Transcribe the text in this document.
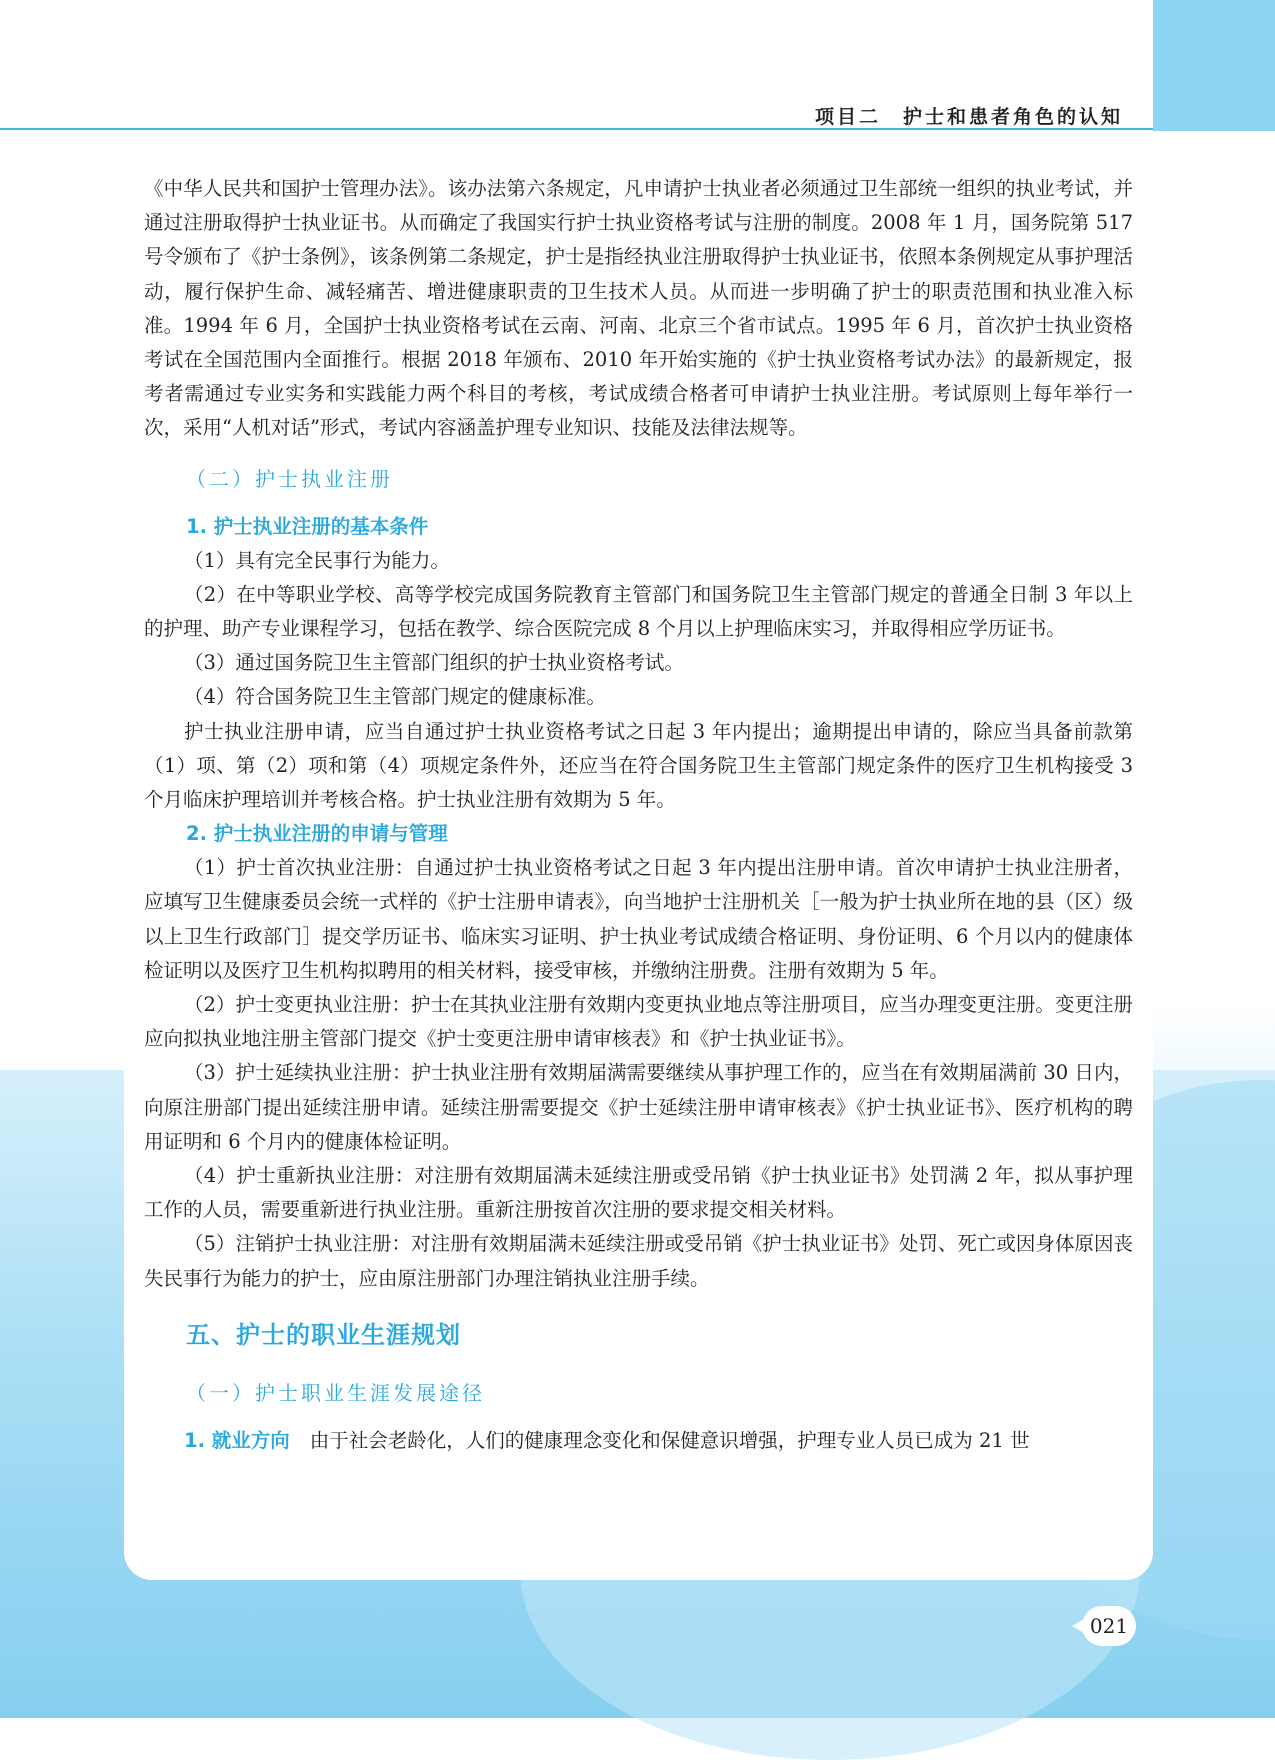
项目二　护士和患者角色的认知

《中华人民共和国护士管理办法》。该办法第六条规定，凡申请护士执业者必须通过卫生部统一组织的执业考试，并通过注册取得护士执业证书。从而确定了我国实行护士执业资格考试与注册的制度。2008 年 1 月，国务院第 517 号令颁布了《护士条例》，该条例第二条规定，护士是指经执业注册取得护士执业证书，依照本条例规定从事护理活动，履行保护生命、减轻痛苦、增进健康职责的卫生技术人员。从而进一步明确了护士的职责范围和执业准入标准。1994 年 6 月，全国护士执业资格考试在云南、河南、北京三个省市试点。1995 年 6 月，首次护士执业资格考试在全国范围内全面推行。根据 2018 年颁布、2010 年开始实施的《护士执业资格考试办法》的最新规定，报考者需通过专业实务和实践能力两个科目的考核，考试成绩合格者可申请护士执业注册。考试原则上每年举行一次，采用“人机对话”形式，考试内容涵盖护理专业知识、技能及法律法规等。

（二）护士执业注册

1. 护士执业注册的基本条件

（1）具有完全民事行为能力。

（2）在中等职业学校、高等学校完成国务院教育主管部门和国务院卫生主管部门规定的普通全日制 3 年以上的护理、助产专业课程学习，包括在教学、综合医院完成 8 个月以上护理临床实习，并取得相应学历证书。

（3）通过国务院卫生主管部门组织的护士执业资格考试。

（4）符合国务院卫生主管部门规定的健康标准。

护士执业注册申请，应当自通过护士执业资格考试之日起 3 年内提出；逾期提出申请的，除应当具备前款第（1）项、第（2）项和第（4）项规定条件外，还应当在符合国务院卫生主管部门规定条件的医疗卫生机构接受 3 个月临床护理培训并考核合格。护士执业注册有效期为 5 年。

2. 护士执业注册的申请与管理

（1）护士首次执业注册：自通过护士执业资格考试之日起 3 年内提出注册申请。首次申请护士执业注册者，应填写卫生健康委员会统一式样的《护士注册申请表》，向当地护士注册机关［一般为护士执业所在地的县（区）级以上卫生行政部门］提交学历证书、临床实习证明、护士执业考试成绩合格证明、身份证明、6 个月以内的健康体检证明以及医疗卫生机构拟聘用的相关材料，接受审核，并缴纳注册费。注册有效期为 5 年。

（2）护士变更执业注册：护士在其执业注册有效期内变更执业地点等注册项目，应当办理变更注册。变更注册应向拟执业地注册主管部门提交《护士变更注册申请审核表》和《护士执业证书》。

（3）护士延续执业注册：护士执业注册有效期届满需要继续从事护理工作的，应当在有效期届满前 30 日内，向原注册部门提出延续注册申请。延续注册需要提交《护士延续注册申请审核表》《护士执业证书》、医疗机构的聘用证明和 6 个月内的健康体检证明。

（4）护士重新执业注册：对注册有效期届满未延续注册或受吊销《护士执业证书》处罚满 2 年，拟从事护理工作的人员，需要重新进行执业注册。重新注册按首次注册的要求提交相关材料。

（5）注销护士执业注册：对注册有效期届满未延续注册或受吊销《护士执业证书》处罚、死亡或因身体原因丧失民事行为能力的护士，应由原注册部门办理注销执业注册手续。

五、护士的职业生涯规划
（一）护士职业生涯发展途径

1. 就业方向 由于社会老龄化，人们的健康理念变化和保健意识增强，护理专业人员已成为 21 世

021
